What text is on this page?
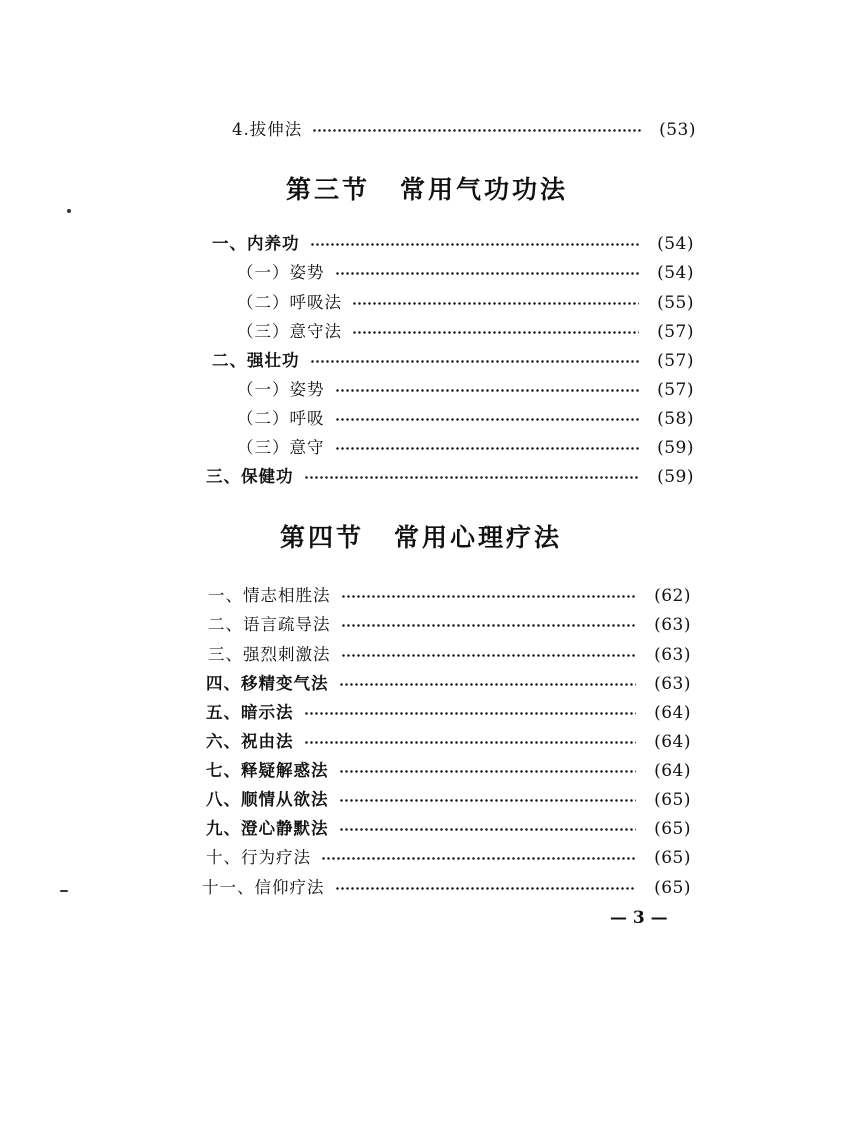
4.拔伸法	(53)
第三节 常用气功功法
一、内养功	(54)
（一）姿势	(54)
（二）呼吸法	(55)
（三）意守法	(57)
二、强壮功	(57)
（一）姿势	(57)
（二）呼吸	(58)
（三）意守	(59)
三、保健功	(59)
第四节 常用心理疗法
一、情志相胜法	(62)
二、语言疏导法	(63)
三、强烈刺激法	(63)
四、移精变气法	(63)
五、暗示法	(64)
六、祝由法	(64)
七、释疑解惑法	(64)
八、顺情从欲法	(65)
九、澄心静默法	(65)
十、行为疗法	(65)
十一、信仰疗法	(65)
— 3 —
